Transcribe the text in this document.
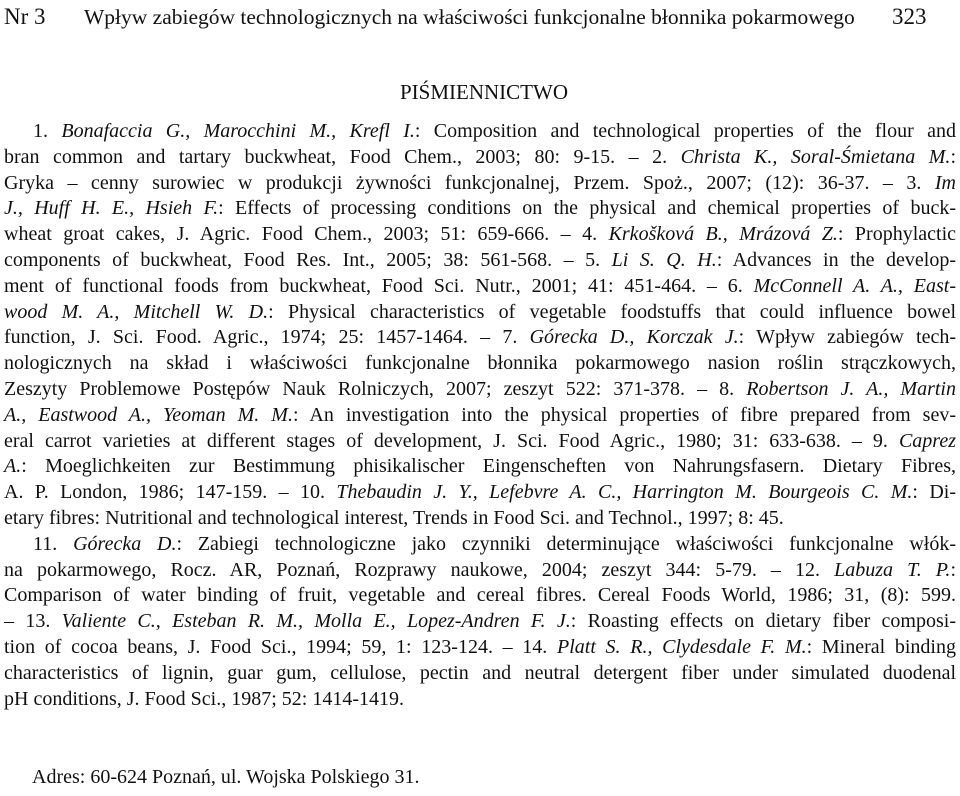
Nr 3 Wpływ zabiegów technologicznych na właściwości funkcjonalne błonnika pokarmowego 323
PIŚMIENNICTWO
1. Bonafaccia G., Marocchini M., Krefl I.: Composition and technological properties of the flour and
bran common and tartary buckwheat, Food Chem., 2003; 80: 9-15. – 2. Christa K., Soral-Śmietana M.:
Gryka – cenny surowiec w produkcji żywności funkcjonalnej, Przem. Spoż., 2007; (12): 36-37. – 3. Im
J., Huff H. E., Hsieh F.: Effects of processing conditions on the physical and chemical properties of buck-
wheat groat cakes, J. Agric. Food Chem., 2003; 51: 659-666. – 4. Krkošková B., Mrázová Z.: Prophylactic
components of buckwheat, Food Res. Int., 2005; 38: 561-568. – 5. Li S. Q. H.: Advances in the develop-
ment of functional foods from buckwheat, Food Sci. Nutr., 2001; 41: 451-464. – 6. McConnell A. A., East-
wood M. A., Mitchell W. D.: Physical characteristics of vegetable foodstuffs that could influence bowel
function, J. Sci. Food. Agric., 1974; 25: 1457-1464. – 7. Górecka D., Korczak J.: Wpływ zabiegów tech-
nologicznych na skład i właściwości funkcjonalne błonnika pokarmowego nasion roślin strączkowych,
Zeszyty Problemowe Postępów Nauk Rolniczych, 2007; zeszyt 522: 371-378. – 8. Robertson J. A., Martin
A., Eastwood A., Yeoman M. M.: An investigation into the physical properties of fibre prepared from sev-
eral carrot varieties at different stages of development, J. Sci. Food Agric., 1980; 31: 633-638. – 9. Caprez
A.: Moeglichkeiten zur Bestimmung phisikalischer Eingenscheften von Nahrungsfasern. Dietary Fibres,
A. P. London, 1986; 147-159. – 10. Thebaudin J. Y., Lefebvre A. C., Harrington M. Bourgeois C. M.: Di-
etary fibres: Nutritional and technological interest, Trends in Food Sci. and Technol., 1997; 8: 45.
11. Górecka D.: Zabiegi technologiczne jako czynniki determinujące właściwości funkcjonalne włók-
na pokarmowego, Rocz. AR, Poznań, Rozprawy naukowe, 2004; zeszyt 344: 5-79. – 12. Labuza T. P.:
Comparison of water binding of fruit, vegetable and cereal fibres. Cereal Foods World, 1986; 31, (8): 599.
– 13. Valiente C., Esteban R. M., Molla E., Lopez-Andren F. J.: Roasting effects on dietary fiber composi-
tion of cocoa beans, J. Food Sci., 1994; 59, 1: 123-124. – 14. Platt S. R., Clydesdale F. M.: Mineral binding
characteristics of lignin, guar gum, cellulose, pectin and neutral detergent fiber under simulated duodenal
pH conditions, J. Food Sci., 1987; 52: 1414-1419.
Adres: 60-624 Poznań, ul. Wojska Polskiego 31.
